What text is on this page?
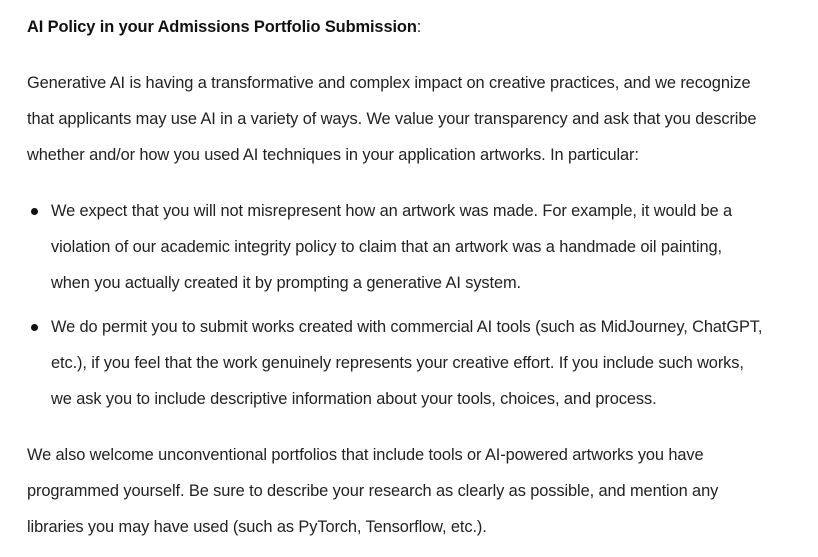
AI Policy in your Admissions Portfolio Submission:

Generative AI is having a transformative and complex impact on creative practices, and we recognize
that applicants may use AI in a variety of ways. We value your transparency and ask that you describe
whether and/or how you used AI techniques in your application artworks. In particular:

We expect that you will not misrepresent how an artwork was made. For example, it would be a
violation of our academic integrity policy to claim that an artwork was a handmade oil painting,
when you actually created it by prompting a generative AI system.
We do permit you to submit works created with commercial AI tools (such as MidJourney, ChatGPT,
etc.), if you feel that the work genuinely represents your creative effort. If you include such works,
we ask you to include descriptive information about your tools, choices, and process.

We also welcome unconventional portfolios that include tools or AI-powered artworks you have
programmed yourself. Be sure to describe your research as clearly as possible, and mention any
libraries you may have used (such as PyTorch, Tensorflow, etc.).
